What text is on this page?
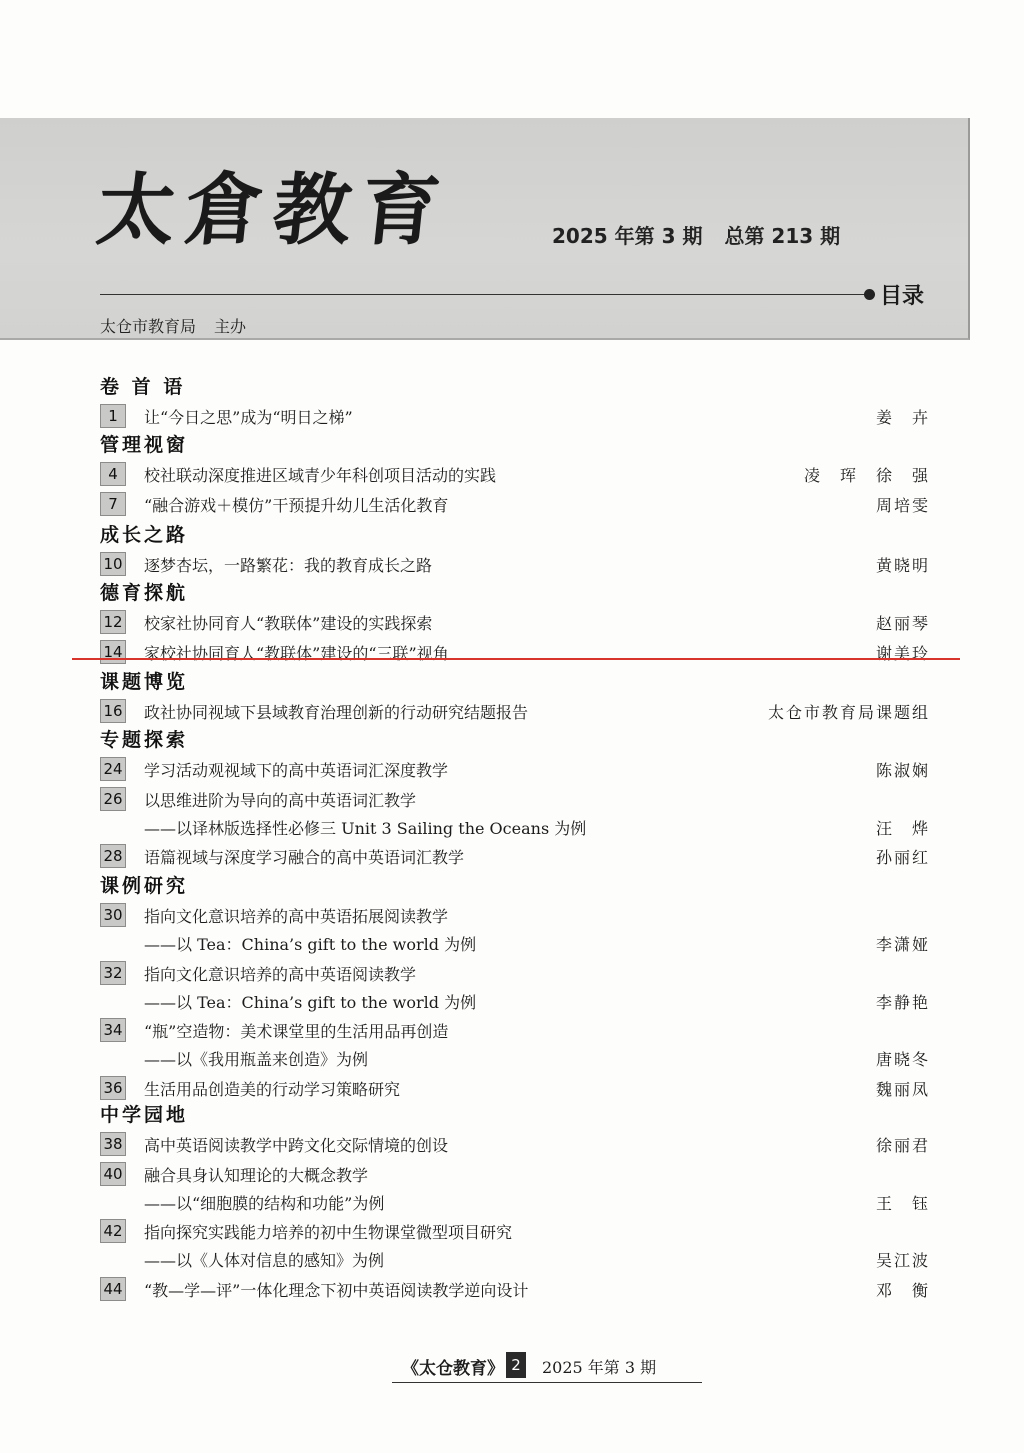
太倉教育	2025 年第 3 期 总第 213 期
目录
太仓市教育局 主办
卷 首 语
1	让“今日之思”成为“明日之梯”	姜　卉
管理视窗
4	校社联动深度推进区域青少年科创项目活动的实践	凌　珲　徐　强
7	“融合游戏＋模仿”干预提升幼儿生活化教育	周培雯
成长之路
10 逐梦杏坛，一路繁花：我的教育成长之路	黄晓明
德育探航
12 校家社协同育人“教联体”建设的实践探索	赵丽琴
14 家校社协同育人“教联体”建设的“三联”视角	谢美玲
课题博览
16 政社协同视域下县域教育治理创新的行动研究结题报告	太仓市教育局课题组
专题探索
24 学习活动观视域下的高中英语词汇深度教学	陈淑娴
26 以思维进阶为导向的高中英语词汇教学
——以译林版选择性必修三 Unit 3 Sailing the Oceans 为例	汪　烨
28 语篇视域与深度学习融合的高中英语词汇教学	孙丽红
课例研究
30 指向文化意识培养的高中英语拓展阅读教学
——以 Tea：China’s gift to the world 为例	李潇娅
32 指向文化意识培养的高中英语阅读教学
——以 Tea：China’s gift to the world 为例	李静艳
34 “瓶”空造物：美术课堂里的生活用品再创造
——以《我用瓶盖来创造》为例	唐晓冬
36 生活用品创造美的行动学习策略研究	魏丽凤
中学园地
38 高中英语阅读教学中跨文化交际情境的创设	徐丽君
40 融合具身认知理论的大概念教学
——以“细胞膜的结构和功能”为例	王　钰
42 指向探究实践能力培养的初中生物课堂微型项目研究
——以《人体对信息的感知》为例	吴江波
44 “教—学—评”一体化理念下初中英语阅读教学逆向设计	邓　衡
《太仓教育》 2	2025 年第 3 期
